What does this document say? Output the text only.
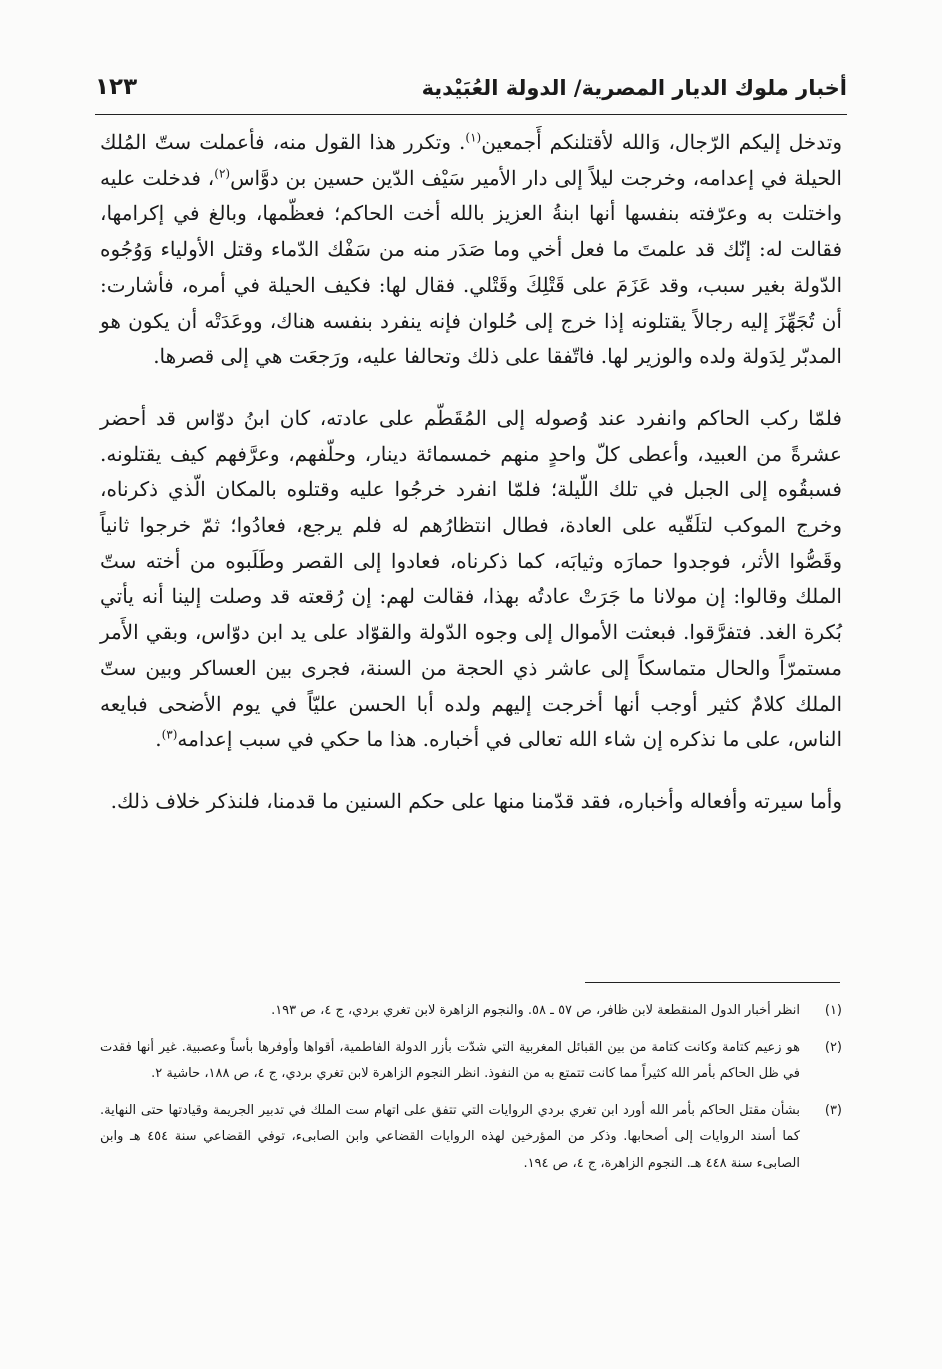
أخبار ملوك الديار المصرية/ الدولة العُبَيْدية
١٢٣

وتدخل إليكم الرّجال، وَالله لأقتلنكم أَجمعين$^{(١)}$. وتكرر هذا القول منه، فأعملت ستّ المُلك الحيلة في إعدامه، وخرجت ليلاً إلى دار الأمير سَيْف الدّين حسين بن دوَّاس$^{(٢)}$، فدخلت عليه واختلت به وعرّفته بنفسها أنها ابنةُ العزيز بالله أخت الحاكم؛ فعظّمها، وبالغ في إكرامها، فقالت له: إنّك قد علمتَ ما فعل أخي وما صَدَر منه من سَفْك الدّماء وقتل الأولياء وَوُجُوه الدّولة بغير سبب، وقد عَزَمَ على قَتْلِكَ وقَتْلي. فقال لها: فكيف الحيلة في أمره، فأشارت: أن تُجَهِّزَ إليه رجالاً يقتلونه إذا خرج إلى حُلوان فإنه ينفرد بنفسه هناك، ووعَدَتْه أن يكون هو المدبّر لِدَولة ولده والوزير لها. فاتّفقا على ذلك وتحالفا عليه، ورَجعَت هي إلى قصرها.

فلمّا ركب الحاكم وانفرد عند وُصوله إلى المُقَطّم على عادته، كان ابنُ دوّاس قد أحضر عشرةً من العبيد، وأعطى كلّ واحدٍ منهم خمسمائة دينار، وحلّفهم، وعرَّفهم كيف يقتلونه. فسبقُوه إلى الجبل في تلك اللّيلة؛ فلمّا انفرد خرجُوا عليه وقتلوه بالمكان الّذي ذكرناه، وخرج الموكب لتلَقّيه على العادة، فطال انتظارُهم له فلم يرجع، فعادُوا؛ ثمّ خرجوا ثانياً وقَصُّوا الأثر، فوجدوا حمارَه وثيابَه، كما ذكرناه، فعادوا إلى القصر وطَلَبوه من أخته ستّ الملك وقالوا: إن مولانا ما جَرَتْ عادتُه بهذا، فقالت لهم: إن رُقعته قد وصلت إلينا أنه يأتي بُكرة الغد. فتفرَّقوا. فبعثت الأموال إلى وجوه الدّولة والقوّاد على يد ابن دوّاس، وبقي الأَمر مستمرّاً والحال متماسكاً إلى عاشر ذي الحجة من السنة، فجرى بين العساكر وبين ستّ الملك كلامٌ كثير أوجب أنها أخرجت إليهم ولده أبا الحسن عليّاً في يوم الأضحى فبايعه الناس، على ما نذكره إن شاء الله تعالى في أخباره. هذا ما حكي في سبب إعدامه$^{(٣)}$.

وأما سيرته وأفعاله وأخباره، فقد قدّمنا منها على حكم السنين ما قدمنا، فلنذكر خلاف ذلك.

(١)
انظر أخبار الدول المنقطعة لابن ظافر، ص ٥٧ ـ ٥٨. والنجوم الزاهرة لابن تغري بردي، ج ٤، ص ١٩٣.
(٢)
هو زعيم كتامة وكانت كتامة من بين القبائل المغربية التي شدّت بأزر الدولة الفاطمية، أقواها وأوفرها بأساً وعصبية. غير أنها فقدت في ظل الحاكم بأمر الله كثيراً مما كانت تتمتع به من النفوذ. انظر النجوم الزاهرة لابن تغري بردي، ج ٤، ص ١٨٨، حاشية ٢.
(٣)
بشأن مقتل الحاكم بأمر الله أورد ابن تغري بردي الروايات التي تتفق على اتهام ست الملك في تدبير الجريمة وقيادتها حتى النهاية. كما أسند الروايات إلى أصحابها. وذكر من المؤرخين لهذه الروايات القضاعي وابن الصابىء، توفي القضاعي سنة ٤٥٤ هـ وابن الصابىء سنة ٤٤٨ هـ. النجوم الزاهرة، ج ٤، ص ١٩٤.
